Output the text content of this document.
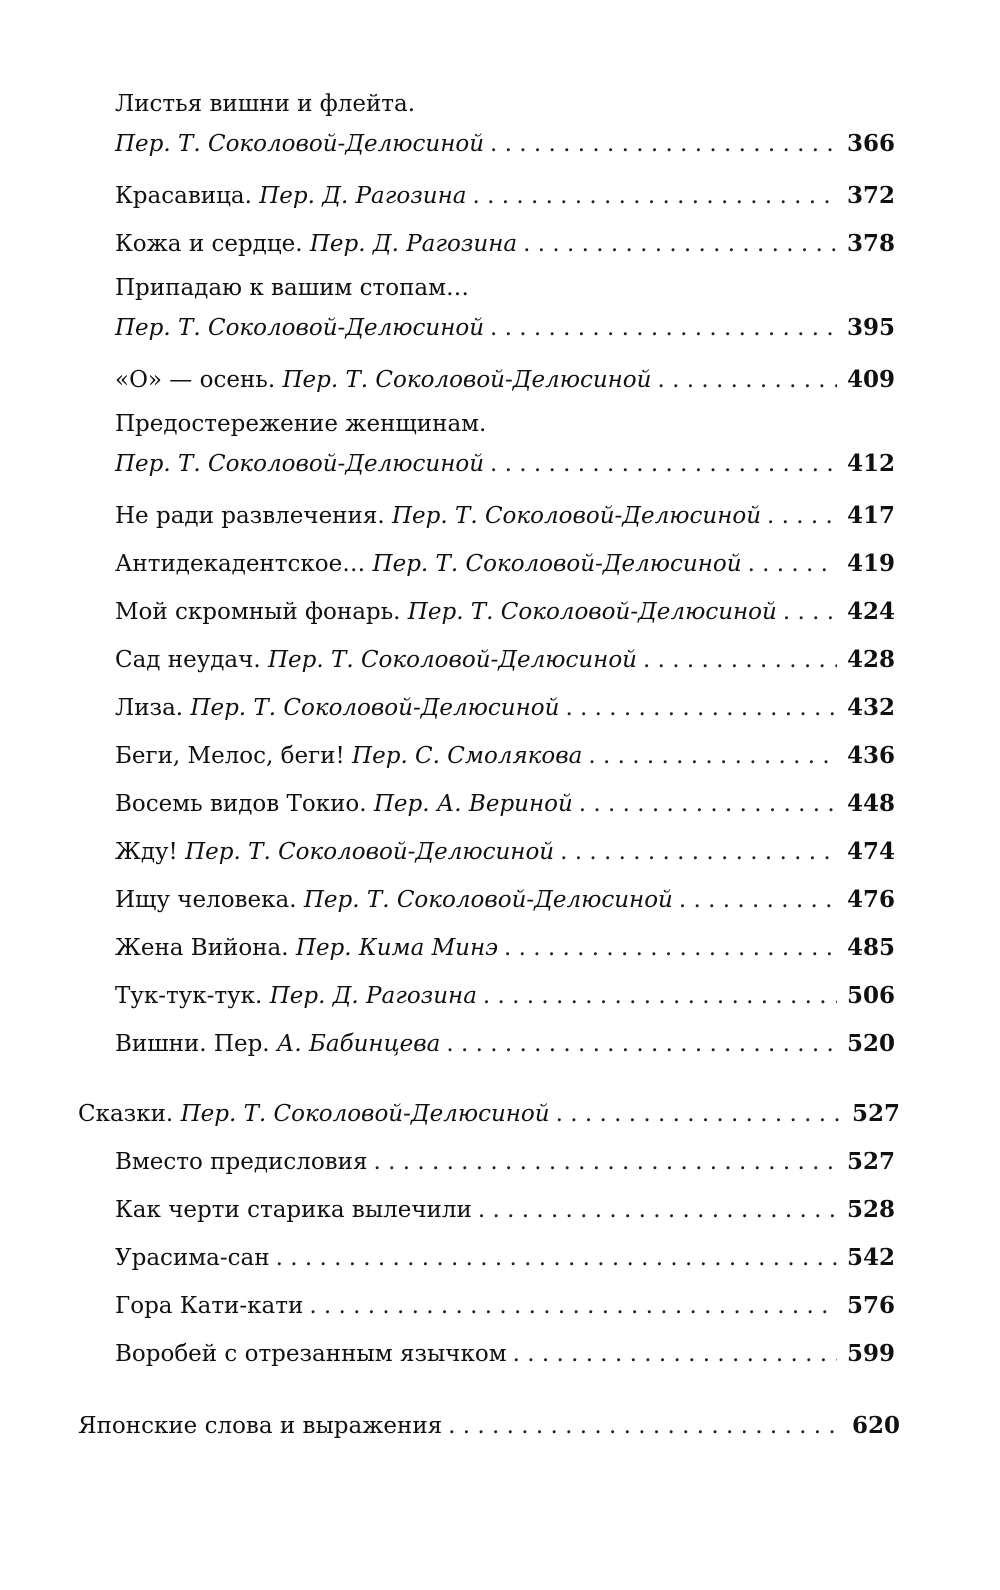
Листья вишни и флейта.
Пер. Т. Соколовой-Делюсиной . . .	366
Красавица. Пер. Д. Рагозина . . .	372
Кожа и сердце. Пер. Д. Рагозина . . .	378
Припадаю к вашим стопам…
Пер. Т. Соколовой-Делюсиной . . .	395
«О» — осень. Пер. Т. Соколовой-Делюсиной . . .	409
Предостережение женщинам.
Пер. Т. Соколовой-Делюсиной . . .	412
Не ради развлечения. Пер. Т. Соколовой-Делюсиной . . .	417
Антидекадентское… Пер. Т. Соколовой-Делюсиной . . .	419
Мой скромный фонарь. Пер. Т. Соколовой-Делюсиной . . .	424
Сад неудач. Пер. Т. Соколовой-Делюсиной . . .	428
Лиза. Пер. Т. Соколовой-Делюсиной . . .	432
Беги, Мелос, беги! Пер. С. Смолякова . . .	436
Восемь видов Токио. Пер. А. Вериной . . .	448
Жду! Пер. Т. Соколовой-Делюсиной . . .	474
Ищу человека. Пер. Т. Соколовой-Делюсиной . . .	476
Жена Вийона. Пер. Кима Минэ . . .	485
Тук-тук-тук. Пер. Д. Рагозина . . .	506
Вишни. Пер. А. Бабинцева . . .	520
Сказки. Пер. Т. Соколовой-Делюсиной . . .	527
Вместо предисловия . . .	527
Как черти старика вылечили . . .	528
Урасима-сан . . .	542
Гора Кати-кати . . .	576
Воробей с отрезанным язычком . . .	599
Японские слова и выражения . . .	620
